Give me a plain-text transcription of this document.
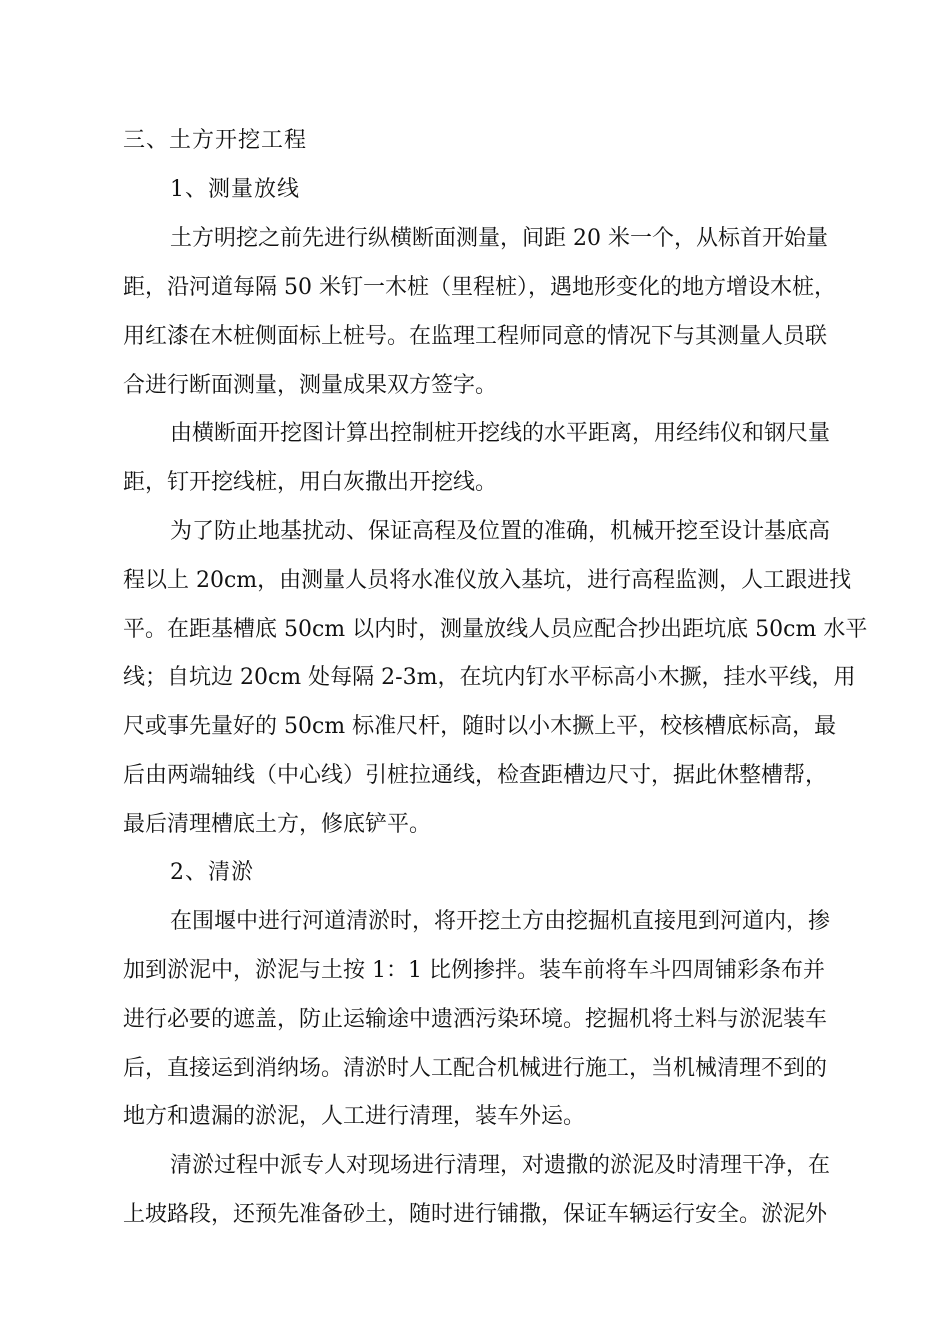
三、土方开挖工程

1、测量放线

土方明挖之前先进行纵横断面测量，间距 20 米一个，从标首开始量

距，沿河道每隔 50 米钉一木桩（里程桩），遇地形变化的地方增设木桩，

用红漆在木桩侧面标上桩号。在监理工程师同意的情况下与其测量人员联

合进行断面测量，测量成果双方签字。

由横断面开挖图计算出控制桩开挖线的水平距离，用经纬仪和钢尺量

距，钉开挖线桩，用白灰撒出开挖线。

为了防止地基扰动、保证高程及位置的准确，机械开挖至设计基底高

程以上 20cm，由测量人员将水准仪放入基坑，进行高程监测，人工跟进找

平。在距基槽底 50cm 以内时，测量放线人员应配合抄出距坑底 50cm 水平

线；自坑边 20cm 处每隔 2-3m，在坑内钉水平标高小木撅，挂水平线，用

尺或事先量好的 50cm 标准尺杆，随时以小木撅上平，校核槽底标高，最

后由两端轴线（中心线）引桩拉通线，检查距槽边尺寸，据此休整槽帮，

最后清理槽底土方，修底铲平。

2、清淤

在围堰中进行河道清淤时，将开挖土方由挖掘机直接甩到河道内，掺

加到淤泥中，淤泥与土按 1：1 比例掺拌。装车前将车斗四周铺彩条布并

进行必要的遮盖，防止运输途中遗洒污染环境。挖掘机将土料与淤泥装车

后，直接运到消纳场。清淤时人工配合机械进行施工，当机械清理不到的

地方和遗漏的淤泥，人工进行清理，装车外运。

清淤过程中派专人对现场进行清理，对遗撒的淤泥及时清理干净，在

上坡路段，还预先准备砂土，随时进行铺撒，保证车辆运行安全。淤泥外
